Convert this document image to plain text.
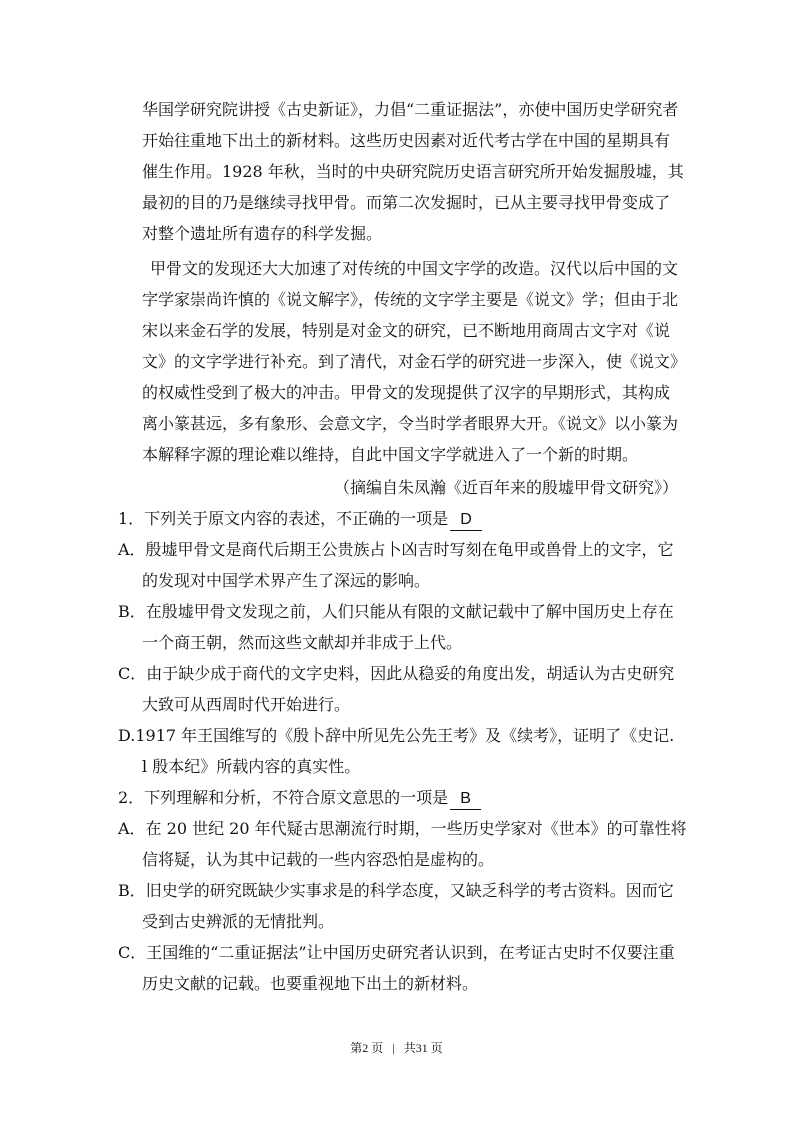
华国学研究院讲授《古史新证》，力倡“二重证据法”，亦使中国历史学研究者
开始往重地下出土的新材料。这些历史因素对近代考古学在中国的星期具有
催生作用。1928 年秋，当时的中央研究院历史语言研究所开始发掘殷墟，其
最初的目的乃是继续寻找甲骨。而第二次发掘时，已从主要寻找甲骨变成了
对整个遗址所有遗存的科学发掘。
甲骨文的发现还大大加速了对传统的中国文字学的改造。汉代以后中国的文
字学家崇尚许慎的《说文解字》，传统的文字学主要是《说文》学；但由于北
宋以来金石学的发展，特别是对金文的研究，已不断地用商周古文字对《说
文》的文字学进行补充。到了清代，对金石学的研究进一步深入，使《说文》
的权威性受到了极大的冲击。甲骨文的发现提供了汉字的早期形式，其构成
离小篆甚远，多有象形、会意文字，令当时学者眼界大开。《说文》以小篆为
本解释字源的理论难以维持，自此中国文字学就进入了一个新的时期。
（摘编自朱凤瀚《近百年来的殷墟甲骨文研究》）
1．下列关于原文内容的表述，不正确的一项是 D
A．殷墟甲骨文是商代后期王公贵族占卜凶吉时写刻在龟甲或兽骨上的文字，它
的发现对中国学术界产生了深远的影响。
B．在殷墟甲骨文发现之前，人们只能从有限的文献记载中了解中国历史上存在
一个商王朝，然而这些文献却并非成于上代。
C．由于缺少成于商代的文字史料，因此从稳妥的角度出发，胡适认为古史研究
大致可从西周时代开始进行。
D.1917 年王国维写的《殷卜辞中所见先公先王考》及《续考》，证明了《史记.
l 殷本纪》所载内容的真实性。
2．下列理解和分析，不符合原文意思的一项是 B
A．在 20 世纪 20 年代疑古思潮流行时期，一些历史学家对《世本》的可靠性将
信将疑，认为其中记载的一些内容恐怕是虚构的。
B．旧史学的研究既缺少实事求是的科学态度，又缺乏科学的考古资料。因而它
受到古史辨派的无情批判。
C．王国维的“二重证据法”让中国历史研究者认识到，在考证古史时不仅要注重
历史文献的记载。也要重视地下出土的新材料。
第2 页 | 共31 页
